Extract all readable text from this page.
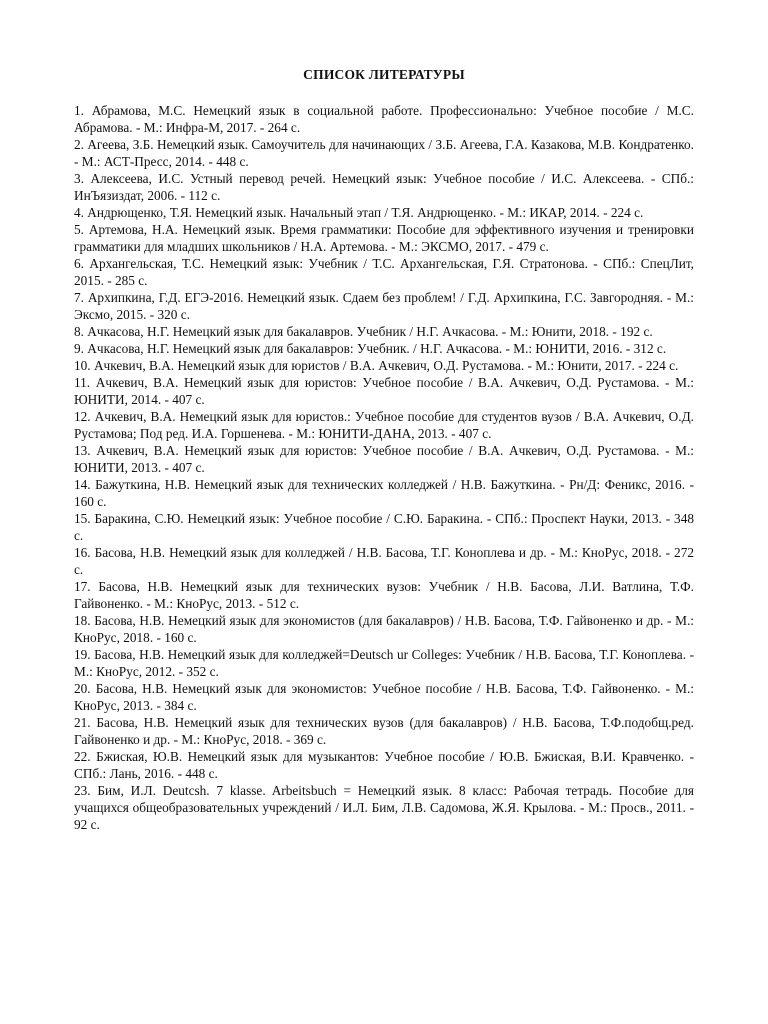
СПИСОК ЛИТЕРАТУРЫ

1. Абрамова, М.С. Немецкий язык в социальной работе. Профессионально: Учебное пособие / М.С. Абрамова. - М.: Инфра-М, 2017. - 264 c.

2. Агеева, З.Б. Немецкий язык. Самоучитель для начинающих / З.Б. Агеева, Г.А. Казакова, М.В. Кондратенко. - М.: АСТ-Пресс, 2014. - 448 c.

3. Алексеева, И.С. Устный перевод речей. Немецкий язык: Учебное пособие / И.С. Алексеева. - СПб.: ИнЪязиздат, 2006. - 112 c.

4. Андрющенко, Т.Я. Немецкий язык. Начальный этап / Т.Я. Андрющенко. - М.: ИКАР, 2014. - 224 c.

5. Артемова, Н.А. Немецкий язык. Время грамматики: Пособие для эффективного изучения и тренировки грамматики для младших школьников / Н.А. Артемова. - М.: ЭКСМО, 2017. - 479 c.

6. Архангельская, Т.С. Немецкий язык: Учебник / Т.С. Архангельская, Г.Я. Стратонова. - СПб.: СпецЛит, 2015. - 285 c.

7. Архипкина, Г.Д. ЕГЭ-2016. Немецкий язык. Сдаем без проблем! / Г.Д. Архипкина, Г.С. Завгородняя. - М.: Эксмо, 2015. - 320 c.

8. Ачкасова, Н.Г. Немецкий язык для бакалавров. Учебник / Н.Г. Ачкасова. - М.: Юнити, 2018. - 192 c.

9. Ачкасова, Н.Г. Немецкий язык для бакалавров: Учебник. / Н.Г. Ачкасова. - М.: ЮНИТИ, 2016. - 312 c.

10. Ачкевич, В.А. Немецкий язык для юристов / В.А. Ачкевич, О.Д. Рустамова. - М.: Юнити, 2017. - 224 c.

11. Ачкевич, В.А. Немецкий язык для юристов: Учебное пособие / В.А. Ачкевич, О.Д. Рустамова. - М.: ЮНИТИ, 2014. - 407 c.

12. Ачкевич, В.А. Немецкий язык для юристов.: Учебное пособие для студентов вузов / В.А. Ачкевич, О.Д. Рустамова; Под ред. И.А. Горшенева. - М.: ЮНИТИ-ДАНА, 2013. - 407 c.

13. Ачкевич, В.А. Немецкий язык для юристов: Учебное пособие / В.А. Ачкевич, О.Д. Рустамова. - М.: ЮНИТИ, 2013. - 407 c.

14. Бажуткина, Н.В. Немецкий язык для технических колледжей / Н.В. Бажуткина. - Рн/Д: Феникс, 2016. - 160 c.

15. Баракина, С.Ю. Немецкий язык: Учебное пособие / С.Ю. Баракина. - СПб.: Проспект Науки, 2013. - 348 c.

16. Басова, Н.В. Немецкий язык для колледжей / Н.В. Басова, Т.Г. Коноплева и др. - М.: КноРус, 2018. - 272 c.

17. Басова, Н.В. Немецкий язык для технических вузов: Учебник / Н.В. Басова, Л.И. Ватлина, Т.Ф. Гайвоненко. - М.: КноРус, 2013. - 512 c.

18. Басова, Н.В. Немецкий язык для экономистов (для бакалавров) / Н.В. Басова, Т.Ф. Гайвоненко и др. - М.: КноРус, 2018. - 160 c.

19. Басова, Н.В. Немецкий язык для колледжей=Deutsch ur Colleges: Учебник / Н.В. Басова, Т.Г. Коноплева. - М.: КноРус, 2012. - 352 c.

20. Басова, Н.В. Немецкий язык для экономистов: Учебное пособие / Н.В. Басова, Т.Ф. Гайвоненко. - М.: КноРус, 2013. - 384 c.

21. Басова, Н.В. Немецкий язык для технических вузов (для бакалавров) / Н.В. Басова, Т.Ф.подобщ.ред. Гайвоненко и др. - М.: КноРус, 2018. - 369 c.

22. Бжиская, Ю.В. Немецкий язык для музыкантов: Учебное пособие / Ю.В. Бжиская, В.И. Кравченко. - СПб.: Лань, 2016. - 448 c.

23. Бим, И.Л. Deutcsh. 7 klasse. Arbeitsbuch = Немецкий язык. 8 класс: Рабочая тетрадь. Пособие для учащихся общеобразовательных учреждений / И.Л. Бим, Л.В. Садомова, Ж.Я. Крылова. - М.: Просв., 2011. - 92 c.
